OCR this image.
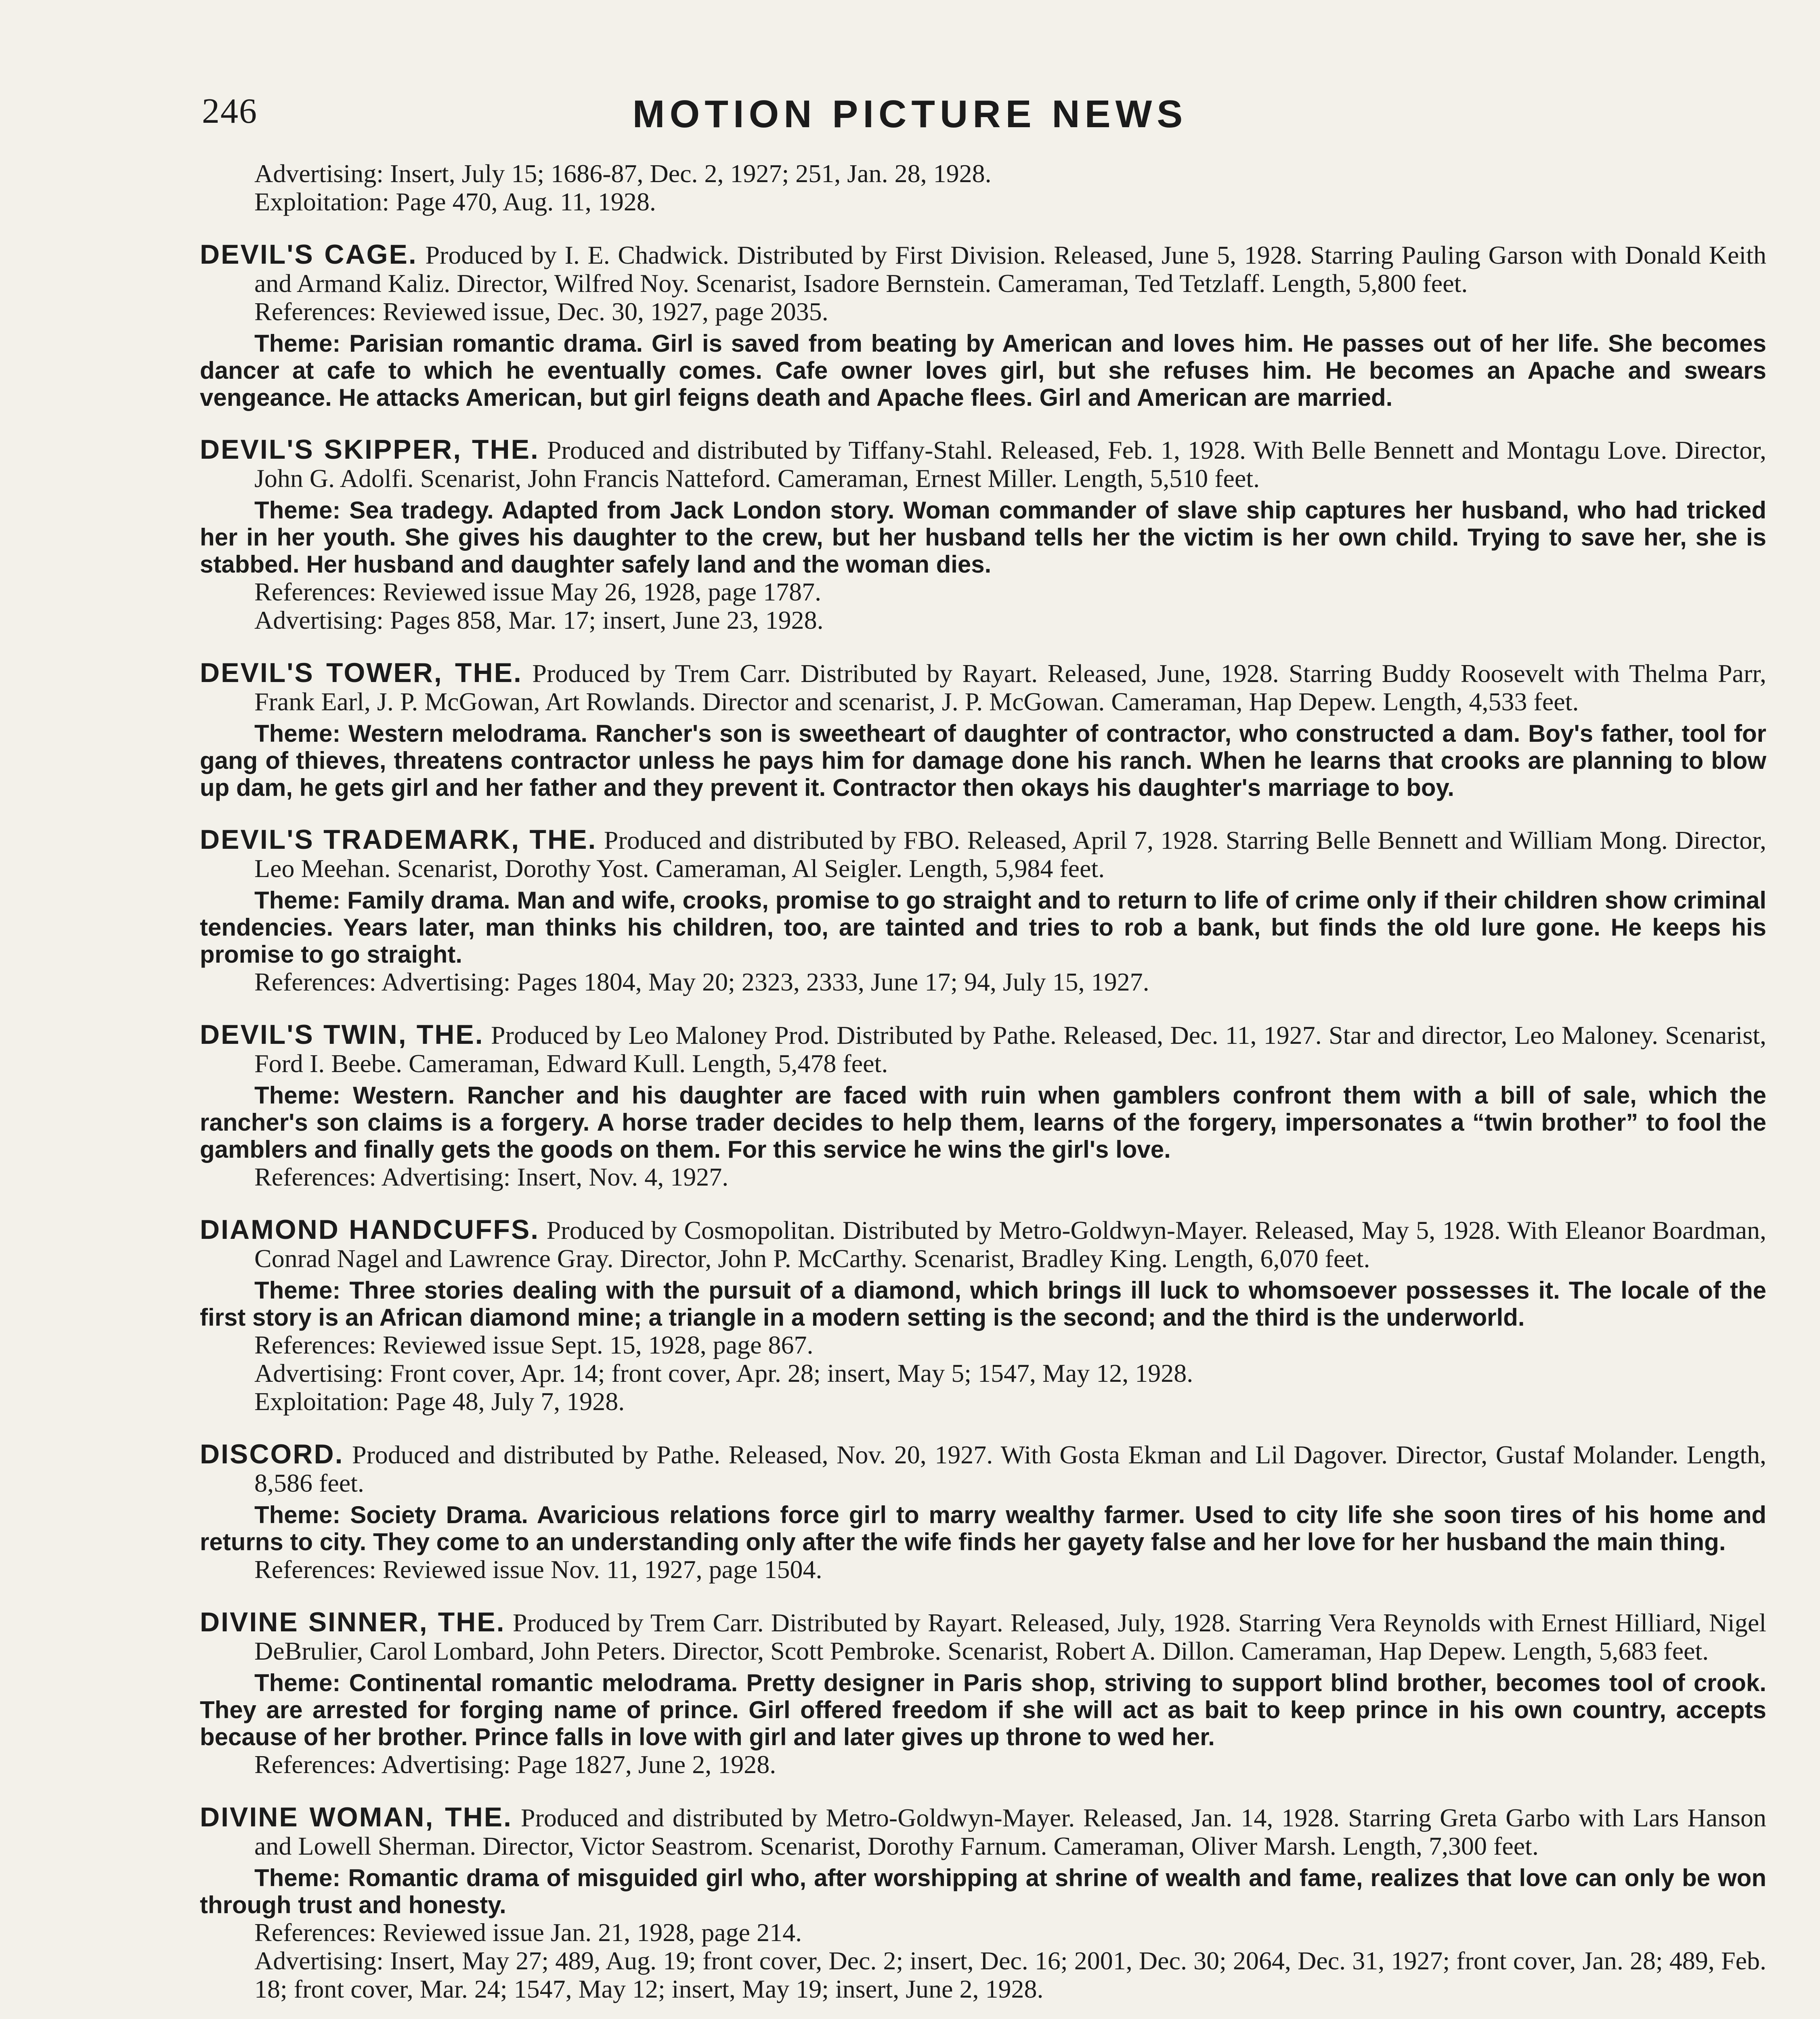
246	MOTION PICTURE NEWS

Advertising: Insert, July 15; 1686-87, Dec. 2, 1927; 251, Jan. 28, 1928.

Exploitation: Page 470, Aug. 11, 1928.

DEVIL'S CAGE. Produced by I. E. Chadwick. Distributed by First Division. Released, June 5, 1928. Starring Pauling Garson with Donald Keith and Armand Kaliz. Director, Wilfred Noy. Scenarist, Isadore Bernstein. Cameraman, Ted Tetzlaff. Length, 5,800 feet.
References: Reviewed issue, Dec. 30, 1927, page 2035.
Theme: Parisian romantic drama. Girl is saved from beating by American and loves him. He passes out of her life. She becomes dancer at cafe to which he eventually comes. Cafe owner loves girl, but she refuses him. He becomes an Apache and swears vengeance. He attacks American, but girl feigns death and Apache flees. Girl and American are married.
DEVIL'S SKIPPER, THE. Produced and distributed by Tiffany-Stahl. Released, Feb. 1, 1928. With Belle Bennett and Montagu Love. Director, John G. Adolfi. Scenarist, John Francis Natteford. Cameraman, Ernest Miller. Length, 5,510 feet.
Theme: Sea tradegy. Adapted from Jack London story. Woman commander of slave ship captures her husband, who had tricked her in her youth. She gives his daughter to the crew, but her husband tells her the victim is her own child. Trying to save her, she is stabbed. Her husband and daughter safely land and the woman dies.
References: Reviewed issue May 26, 1928, page 1787.
Advertising: Pages 858, Mar. 17; insert, June 23, 1928.
DEVIL'S TOWER, THE. Produced by Trem Carr. Distributed by Rayart. Released, June, 1928. Starring Buddy Roosevelt with Thelma Parr, Frank Earl, J. P. McGowan, Art Rowlands. Director and scenarist, J. P. McGowan. Cameraman, Hap Depew. Length, 4,533 feet.
Theme: Western melodrama. Rancher's son is sweetheart of daughter of contractor, who constructed a dam. Boy's father, tool for gang of thieves, threatens contractor unless he pays him for damage done his ranch. When he learns that crooks are planning to blow up dam, he gets girl and her father and they prevent it. Contractor then okays his daughter's marriage to boy.
DEVIL'S TRADEMARK, THE. Produced and distributed by FBO. Released, April 7, 1928. Starring Belle Bennett and William Mong. Director, Leo Meehan. Scenarist, Dorothy Yost. Cameraman, Al Seigler. Length, 5,984 feet.
Theme: Family drama. Man and wife, crooks, promise to go straight and to return to life of crime only if their children show criminal tendencies. Years later, man thinks his children, too, are tainted and tries to rob a bank, but finds the old lure gone. He keeps his promise to go straight.
References: Advertising: Pages 1804, May 20; 2323, 2333, June 17; 94, July 15, 1927.
DEVIL'S TWIN, THE. Produced by Leo Maloney Prod. Distributed by Pathe. Released, Dec. 11, 1927. Star and director, Leo Maloney. Scenarist, Ford I. Beebe. Cameraman, Edward Kull. Length, 5,478 feet.
Theme: Western. Rancher and his daughter are faced with ruin when gamblers confront them with a bill of sale, which the rancher's son claims is a forgery. A horse trader decides to help them, learns of the forgery, impersonates a “twin brother” to fool the gamblers and finally gets the goods on them. For this service he wins the girl's love.
References: Advertising: Insert, Nov. 4, 1927.
DIAMOND HANDCUFFS. Produced by Cosmopolitan. Distributed by Metro-Goldwyn-Mayer. Released, May 5, 1928. With Eleanor Boardman, Conrad Nagel and Lawrence Gray. Director, John P. McCarthy. Scenarist, Bradley King. Length, 6,070 feet.
Theme: Three stories dealing with the pursuit of a diamond, which brings ill luck to whomsoever possesses it. The locale of the first story is an African diamond mine; a triangle in a modern setting is the second; and the third is the underworld.
References: Reviewed issue Sept. 15, 1928, page 867.
Advertising: Front cover, Apr. 14; front cover, Apr. 28; insert, May 5; 1547, May 12, 1928.
Exploitation: Page 48, July 7, 1928.
DISCORD. Produced and distributed by Pathe. Released, Nov. 20, 1927. With Gosta Ekman and Lil Dagover. Director, Gustaf Molander. Length, 8,586 feet.
Theme: Society Drama. Avaricious relations force girl to marry wealthy farmer. Used to city life she soon tires of his home and returns to city. They come to an understanding only after the wife finds her gayety false and her love for her husband the main thing.
References: Reviewed issue Nov. 11, 1927, page 1504.
DIVINE SINNER, THE. Produced by Trem Carr. Distributed by Rayart. Released, July, 1928. Starring Vera Reynolds with Ernest Hilliard, Nigel DeBrulier, Carol Lombard, John Peters. Director, Scott Pembroke. Scenarist, Robert A. Dillon. Cameraman, Hap Depew. Length, 5,683 feet.
Theme: Continental romantic melodrama. Pretty designer in Paris shop, striving to support blind brother, becomes tool of crook. They are arrested for forging name of prince. Girl offered freedom if she will act as bait to keep prince in his own country, accepts because of her brother. Prince falls in love with girl and later gives up throne to wed her.
References: Advertising: Page 1827, June 2, 1928.
DIVINE WOMAN, THE. Produced and distributed by Metro-Goldwyn-Mayer. Released, Jan. 14, 1928. Starring Greta Garbo with Lars Hanson and Lowell Sherman. Director, Victor Seastrom. Scenarist, Dorothy Farnum. Cameraman, Oliver Marsh. Length, 7,300 feet.
Theme: Romantic drama of misguided girl who, after worshipping at shrine of wealth and fame, realizes that love can only be won through trust and honesty.
References: Reviewed issue Jan. 21, 1928, page 214.
Advertising: Insert, May 27; 489, Aug. 19; front cover, Dec. 2; insert, Dec. 16; 2001, Dec. 30; 2064, Dec. 31, 1927; front cover, Jan. 28; 489, Feb. 18; front cover, Mar. 24; 1547, May 12; insert, May 19; insert, June 2, 1928.
